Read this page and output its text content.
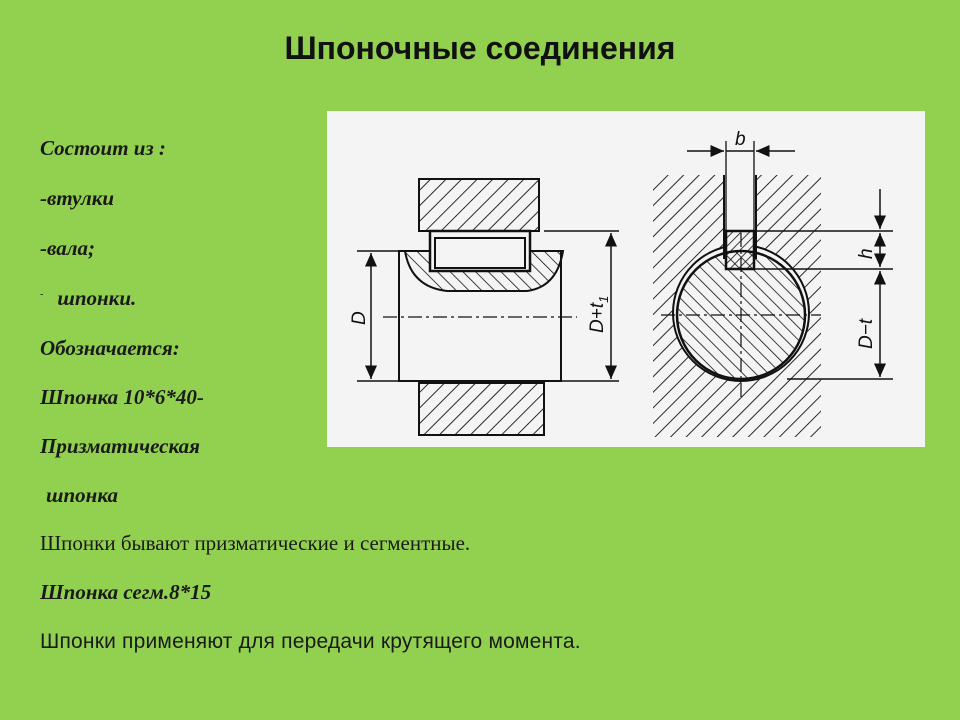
Шпоночные соединения
Состоит из :
-втулки
-вала;
- шпонки.
Обозначается:
Шпонка 10*6*40-
Призматическая
шпонка
Шпонки бывают призматические и сегментные.
Шпонка сегм.8*15
Шпонки применяют для передачи крутящего момента.
D	$D+t_1$
b
h
D−t
